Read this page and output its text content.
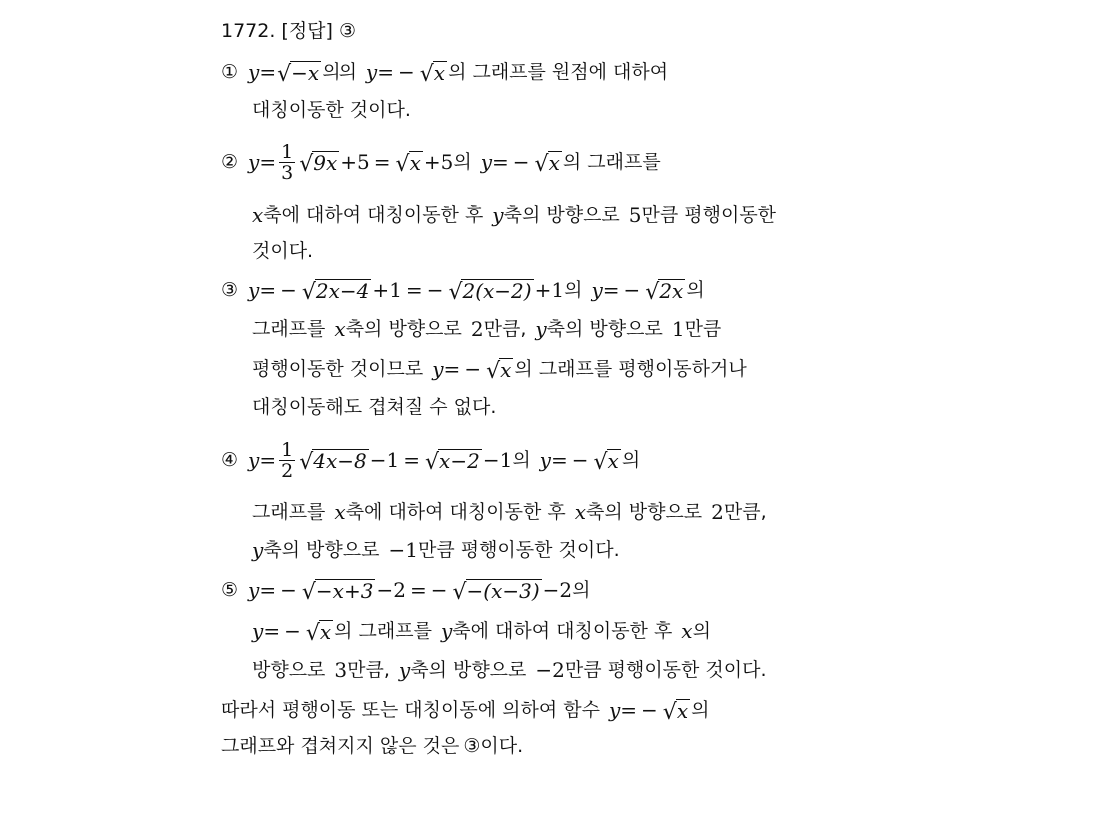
1772. [정답] ③
① y = √ −x 의
의 y = − √ x 의 그래프를 원점에 대하여
대칭이동한 것이다.
② $y = \frac{1}{3}$ √ 9x + 5 = √ x + 5 의 y = − √ x 의 그래프를
x 축에 대하여 대칭이동한 후 y 축의 방향으로 5 만큼 평행이동한
것이다.
③ y = − √ 2x−4 + 1 = − √ 2(x−2) + 1 의 y = − √ 2x 의
그래프를 x 축의 방향으로 2 만큼, y 축의 방향으로 1 만큼
평행이동한 것이므로 y = − √ x 의 그래프를 평행이동하거나
대칭이동해도 겹쳐질 수 없다.
④ $y = \frac{1}{2}$ √ 4x−8 − 1 = √ x−2 − 1 의 y = − √ x 의
그래프를 x 축에 대하여 대칭이동한 후 x 축의 방향으로 2 만큼,
y 축의 방향으로 −1 만큼 평행이동한 것이다.
⑤ y = − √ −x+3 − 2 = − √ −(x−3) − 2 의
y = − √ x 의 그래프를 y 축에 대하여 대칭이동한 후 x 의
방향으로 3 만큼, y 축의 방향으로 −2 만큼 평행이동한 것이다.
따라서 평행이동 또는 대칭이동에 의하여 함수 y = − √ x 의
그래프와 겹쳐지지 않은 것은 ③ 이다.
